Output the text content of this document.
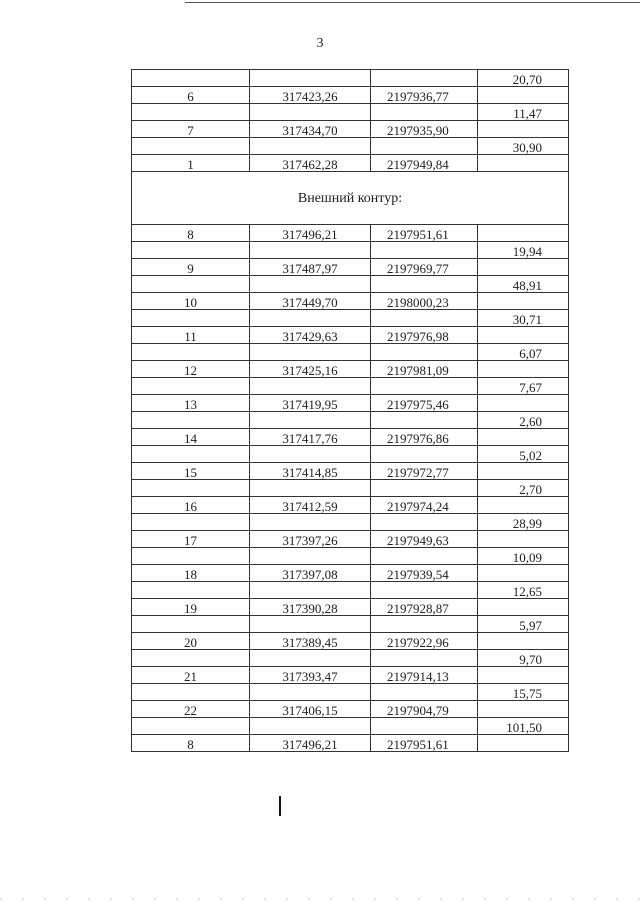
3
			20,70
6	317423,26	2197936,77	
			11,47
7	317434,70	2197935,90	
			30,90
1	317462,28	2197949,84	
Внешний контур:			
8	317496,21	2197951,61	
			19,94
9	317487,97	2197969,77	
			48,91
10	317449,70	2198000,23	
			30,71
11	317429,63	2197976,98	
			6,07
12	317425,16	2197981,09	
			7,67
13	317419,95	2197975,46	
			2,60
14	317417,76	2197976,86	
			5,02
15	317414,85	2197972,77	
			2,70
16	317412,59	2197974,24	
			28,99
17	317397,26	2197949,63	
			10,09
18	317397,08	2197939,54	
			12,65
19	317390,28	2197928,87	
			5,97
20	317389,45	2197922,96	
			9,70
21	317393,47	2197914,13	
			15,75
22	317406,15	2197904,79	
			101,50
8	317496,21	2197951,61	
